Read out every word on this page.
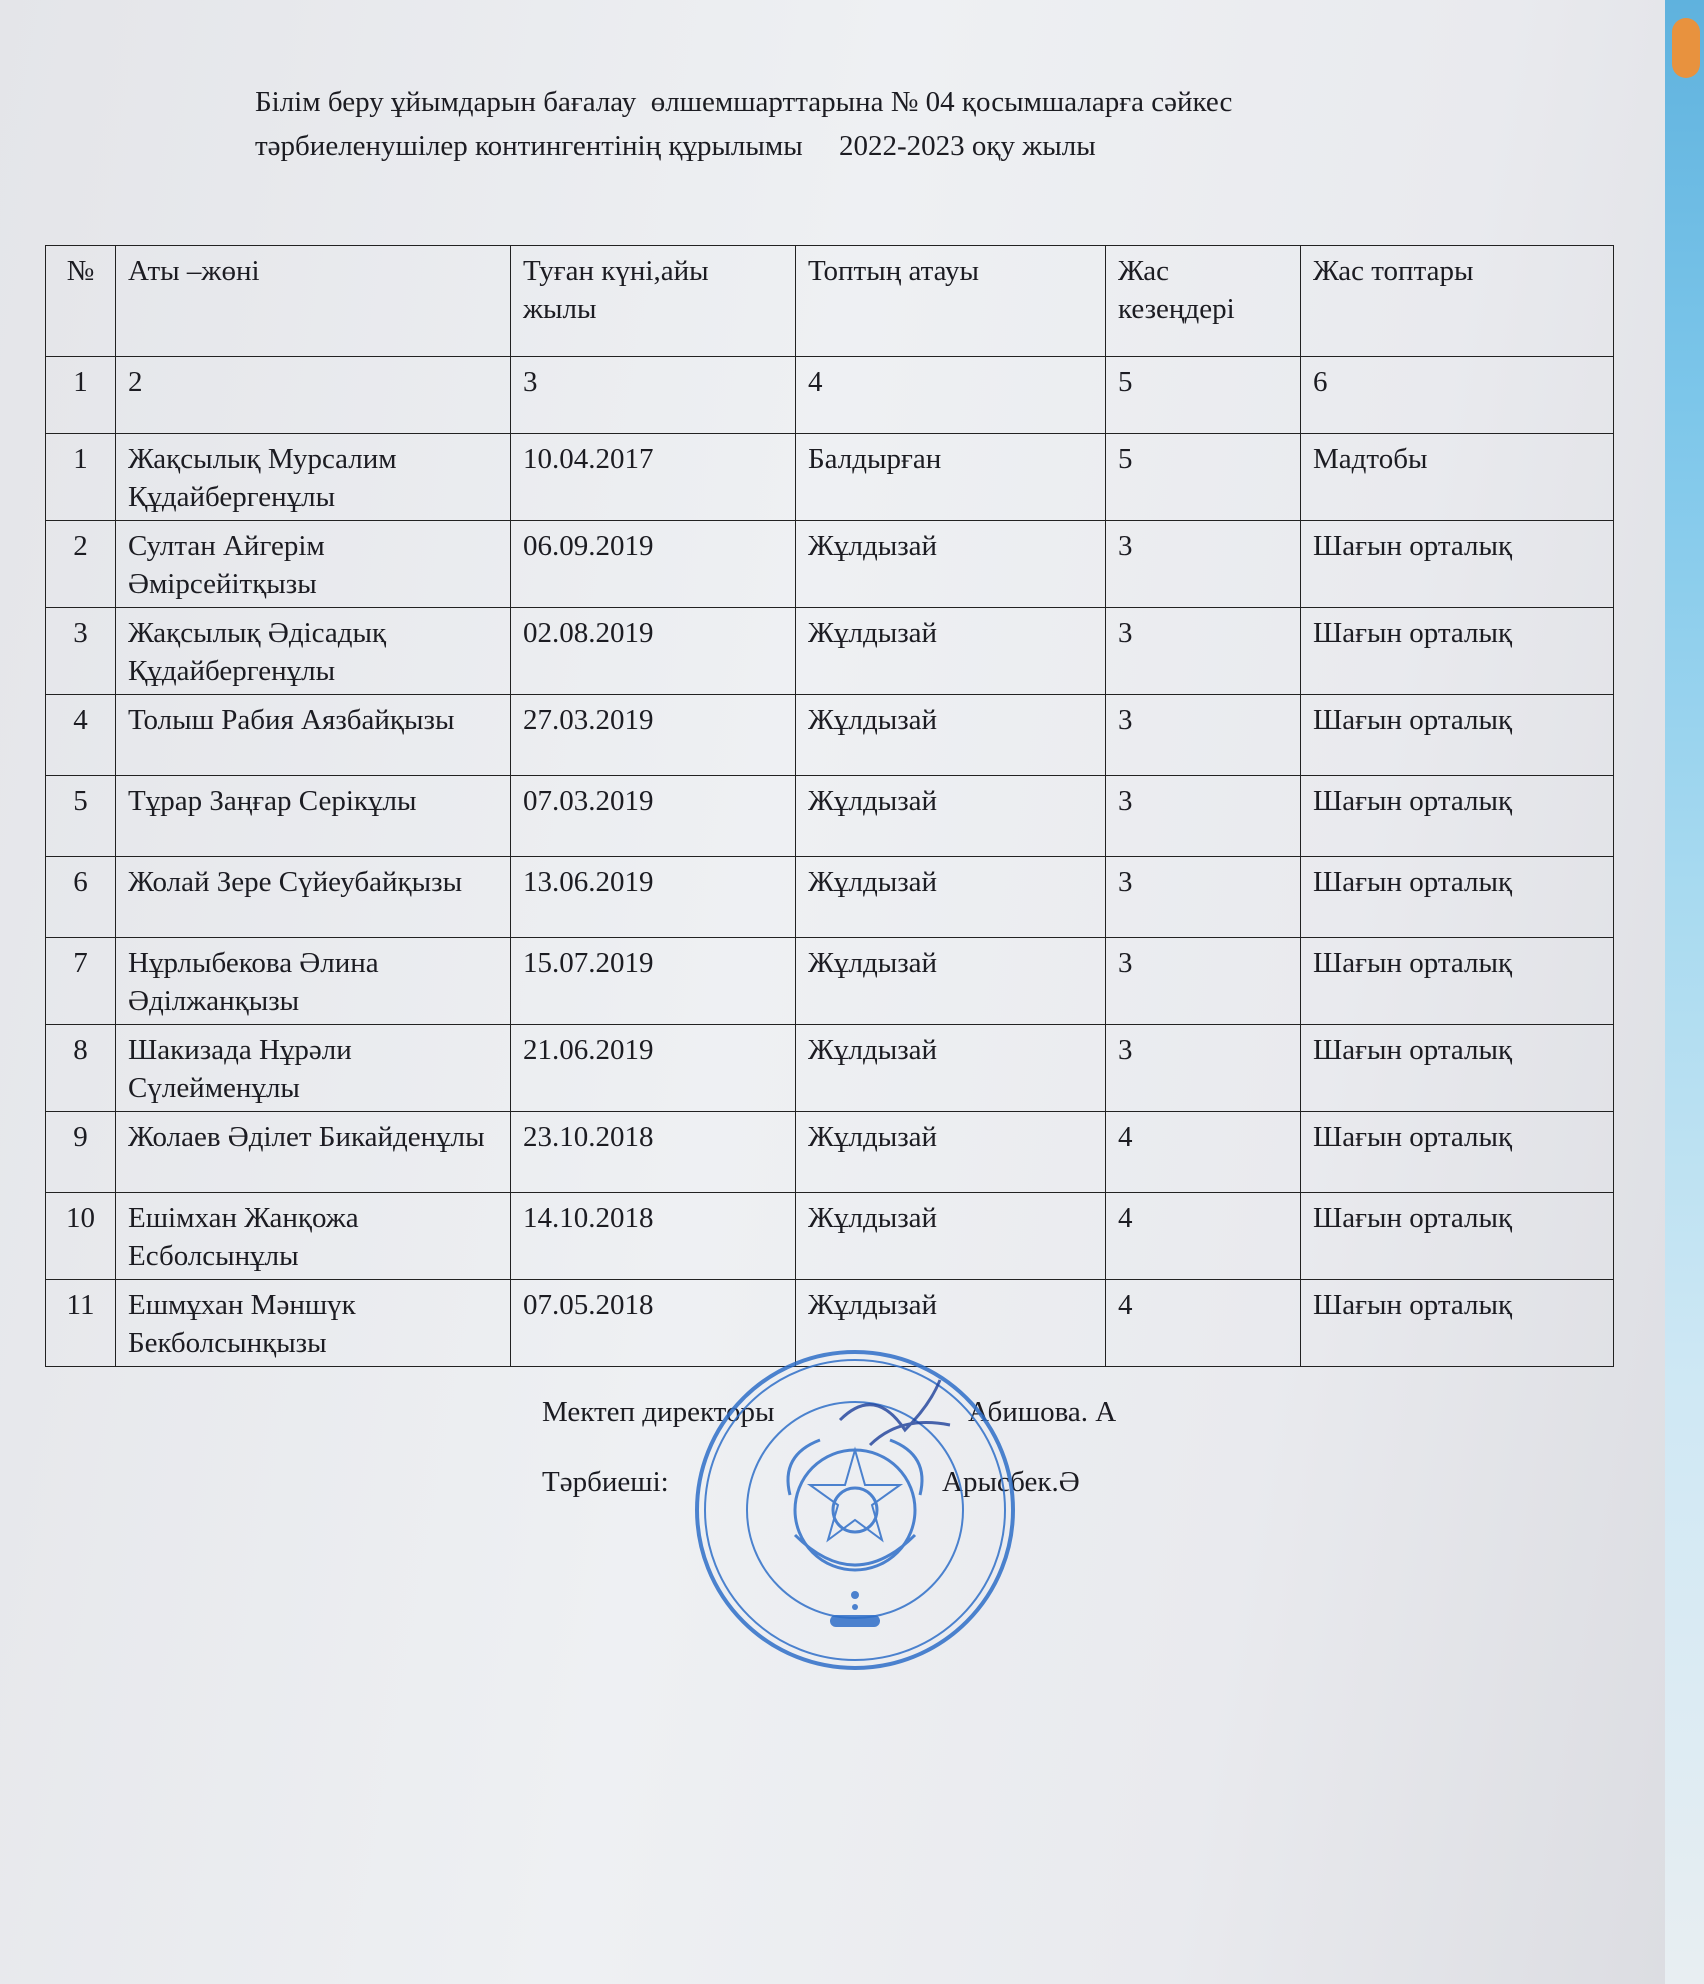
Білім беру ұйымдарын бағалау  өлшемшарттарына № 04 қосымшаларға сәйкес
тәрбиеленушілер контингентінің құрылымы     2022-2023 оқу жылы
№	Аты –жөні	Туған күні,айы жылы	Топтың атауы	Жас кезеңдері	Жас топтары
1	2	3	4	5	6
1	Жақсылық Мурсалим Құдайбергенұлы	10.04.2017	Балдырған	5	Мадтобы
2	Султан Айгерім Әмірсейітқызы	06.09.2019	Жұлдызай	3	Шағын орталық
3	Жақсылық Әдісадық Құдайбергенұлы	02.08.2019	Жұлдызай	3	Шағын орталық
4	Толыш Рабия Аязбайқызы	27.03.2019	Жұлдызай	3	Шағын орталық
5	Тұрар Заңғар Серікұлы	07.03.2019	Жұлдызай	3	Шағын орталық
6	Жолай Зере Сүйеубайқызы	13.06.2019	Жұлдызай	3	Шағын орталық
7	Нұрлыбекова Әлина Әділжанқызы	15.07.2019	Жұлдызай	3	Шағын орталық
8	Шакизада Нұрәли Сүлейменұлы	21.06.2019	Жұлдызай	3	Шағын орталық
9	Жолаев Әділет Бикайденұлы	23.10.2018	Жұлдызай	4	Шағын орталық
10	Ешімхан Жанқожа Есболсынұлы	14.10.2018	Жұлдызай	4	Шағын орталық
11	Ешмұхан Мәншүк Бекболсынқызы	07.05.2018	Жұлдызай	4	Шағын орталық
Мектеп директоры	Абишова. А
Тәрбиеші:	Арысбек.Ә
